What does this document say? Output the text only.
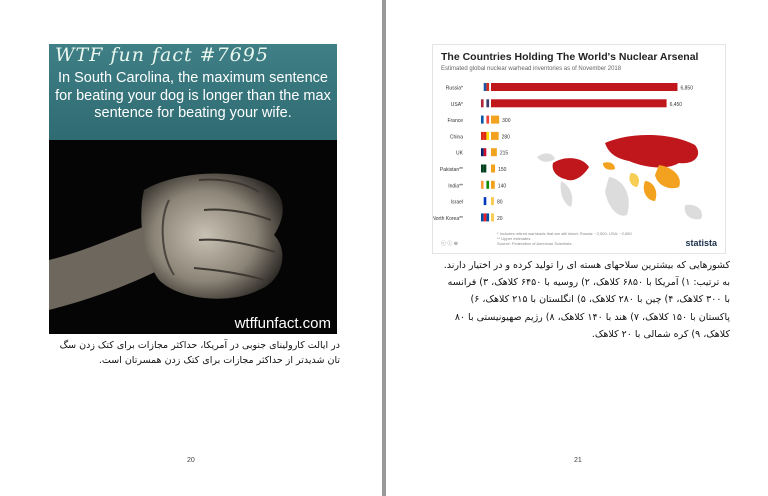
WTF fun fact #7695
In South Carolina, the maximum sentence for beating your dog is longer than the max sentence for beating your wife.
wtffunfact.com
در ایالت کارولینای جنوبی در آمریکا، حداکثر مجازات برای کتک زدن سگ تان شدیدتر از حداکثر مجازات برای کتک زدن همسرتان است.
20	21
The Countries Holding The World's Nuclear Arsenal
Estimated global nuclear warhead inventories as of November 2018
Russia*	6,850
USA*	6,450
France	300
China	280
UK	215
Pakistan**	150
India**	140
Israel	80
North Korea**	20
* Includes retired warheads that are still intact. Russia: ~2,500; USA: ~2,650
** Upper estimates
Source: Federation of American Scientists
ⓒ ⓘ ⊜	statista
کشورهایی که بیشترین سلاحهای هسته ای را تولید کرده و در اختیار دارند.
به ترتیب: ۱) آمریکا با ۶۸۵۰ کلاهک، ۲) روسیه با ۶۴۵۰ کلاهک، ۳) فرانسه
با ۳۰۰ کلاهک، ۴) چین با ۲۸۰ کلاهک، ۵) انگلستان با ۲۱۵ کلاهک، ۶)
پاکستان با ۱۵۰ کلاهک، ۷) هند با ۱۴۰ کلاهک، ۸) رژیم صهیونیستی با ۸۰
کلاهک، ۹) کره شمالی با ۲۰ کلاهک.
